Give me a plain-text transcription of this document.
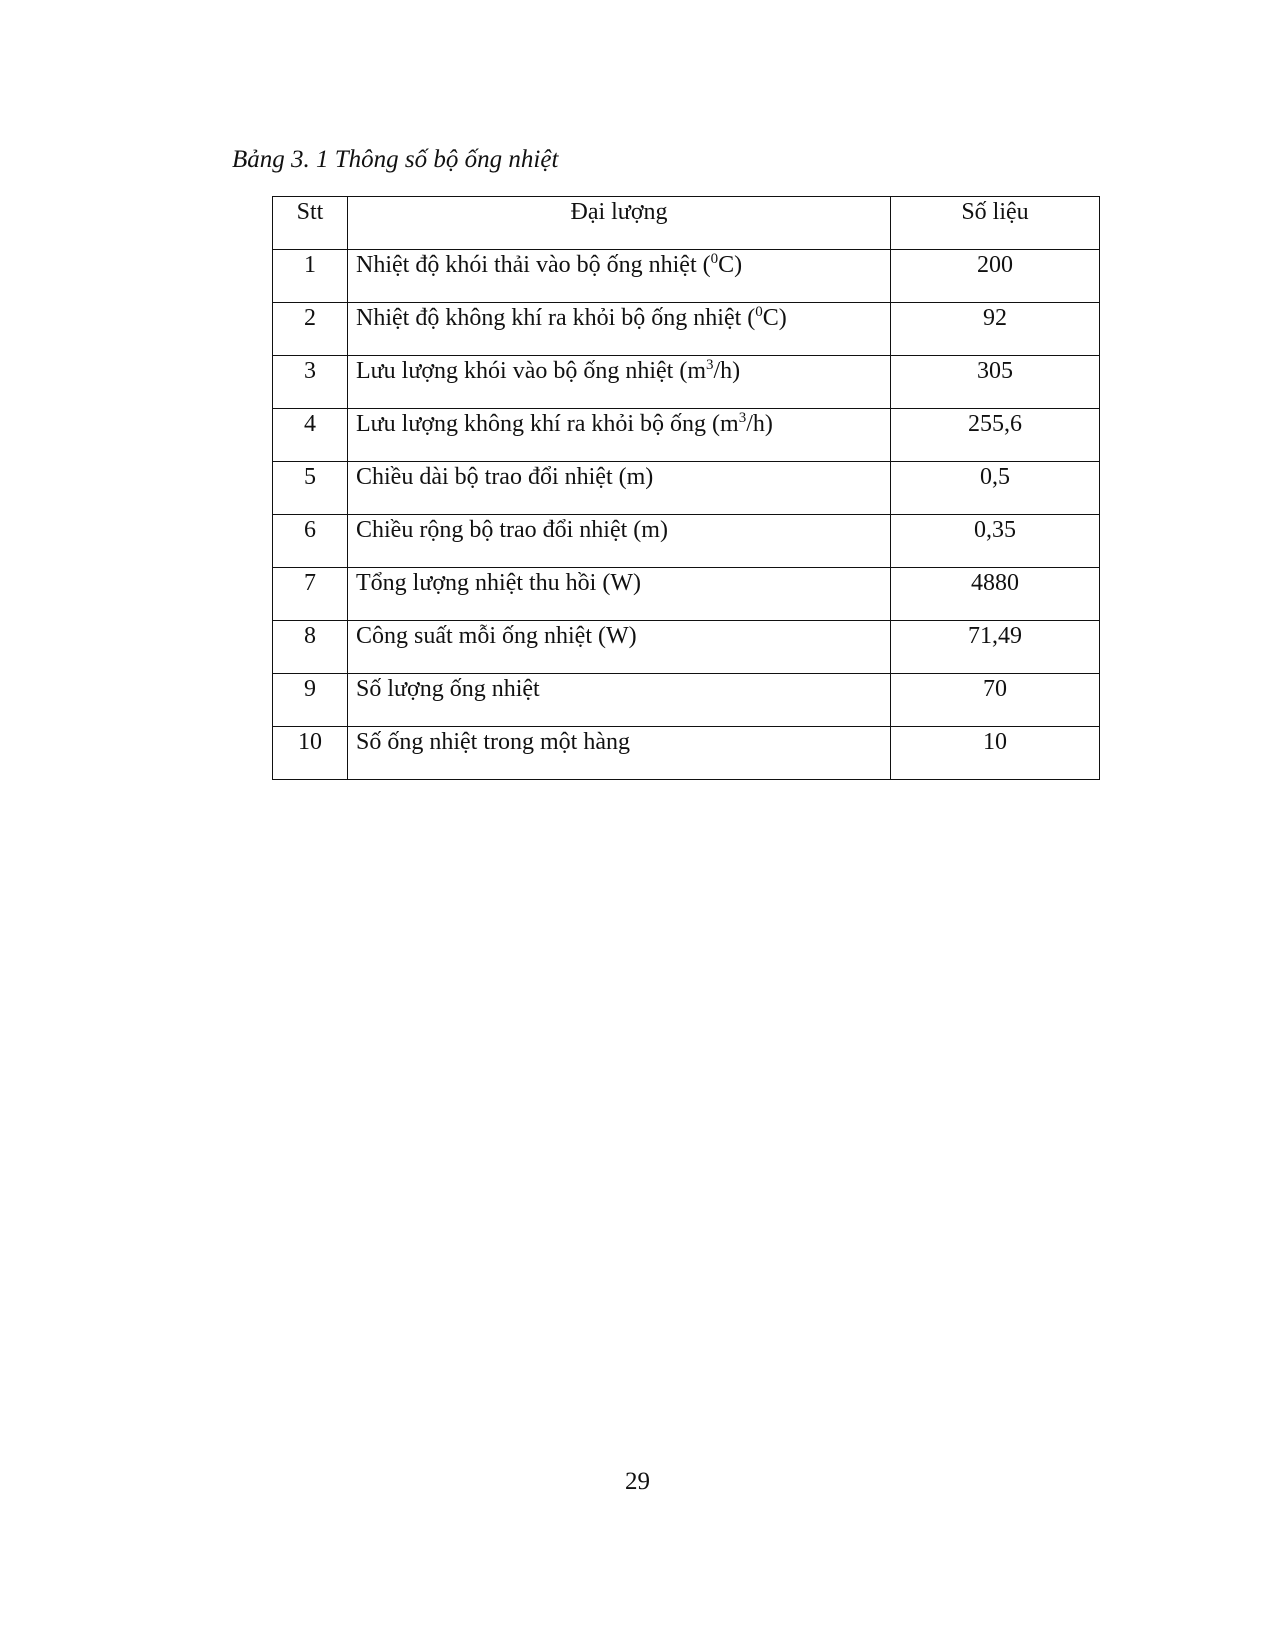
Bảng 3. 1 Thông số bộ ống nhiệt
Stt	Đại lượng	Số liệu
1	Nhiệt độ khói thải vào bộ ống nhiệt ($^0$C)	200
2	Nhiệt độ không khí ra khỏi bộ ống nhiệt ($^0$C)	92
3	Lưu lượng khói vào bộ ống nhiệt $(m^3/h)$	305
4	Lưu lượng không khí ra khỏi bộ ống $(m^3/h)$	255,6
5	Chiều dài bộ trao đổi nhiệt (m)	0,5
6	Chiều rộng bộ trao đổi nhiệt (m)	0,35
7	Tổng lượng nhiệt thu hồi (W)	4880
8	Công suất mỗi ống nhiệt (W)	71,49
9	Số lượng ống nhiệt	70
10	Số ống nhiệt trong một hàng	10
29
